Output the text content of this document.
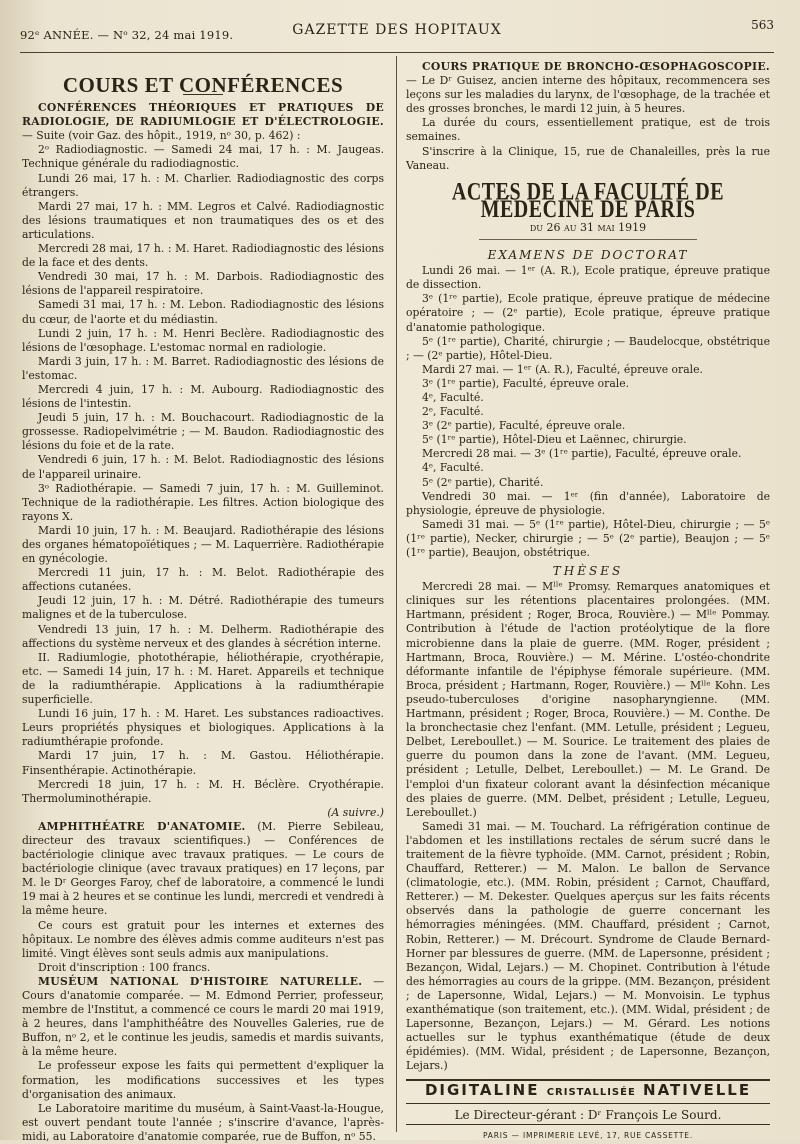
92ᵉ ANNÉE. — Nᵒ 32, 24 mai 1919.	GAZETTE DES HOPITAUX	563
COURS ET CONFÉRENCES

CONFÉRENCES THÉORIQUES ET PRATIQUES DE RADIOLOGIE, DE RADIUMLOGIE ET D'ÉLECTROLOGIE. — Suite (voir Gaz. des hôpit., 1919, nᵒ 30, p. 462) :

2ᵒ Radiodiagnostic. — Samedi 24 mai, 17 h. : M. Jaugeas. Technique générale du radiodiagnostic.

Lundi 26 mai, 17 h. : M. Charlier. Radiodiagnostic des corps étrangers.

Mardi 27 mai, 17 h. : MM. Legros et Calvé. Radiodiagnostic des lésions traumatiques et non traumatiques des os et des articulations.

Mercredi 28 mai, 17 h. : M. Haret. Radiodiagnostic des lésions de la face et des dents.

Vendredi 30 mai, 17 h. : M. Darbois. Radiodiagnostic des lésions de l'appareil respiratoire.

Samedi 31 mai, 17 h. : M. Lebon. Radiodiagnostic des lésions du cœur, de l'aorte et du médiastin.

Lundi 2 juin, 17 h. : M. Henri Beclère. Radiodiagnostic des lésions de l'œsophage. L'estomac normal en radiologie.

Mardi 3 juin, 17 h. : M. Barret. Radiodiagnostic des lésions de l'estomac.

Mercredi 4 juin, 17 h. : M. Aubourg. Radiodiagnostic des lésions de l'intestin.

Jeudi 5 juin, 17 h. : M. Bouchacourt. Radiodiagnostic de la grossesse. Radiopelvimétrie ; — M. Baudon. Radiodiagnostic des lésions du foie et de la rate.

Vendredi 6 juin, 17 h. : M. Belot. Radiodiagnostic des lésions de l'appareil urinaire.

3ᵒ Radiothérapie. — Samedi 7 juin, 17 h. : M. Guilleminot. Technique de la radiothérapie. Les filtres. Action biologique des rayons X.

Mardi 10 juin, 17 h. : M. Beaujard. Radiothérapie des lésions des organes hématopoïétiques ; — M. Laquerrière. Radiothérapie en gynécologie.

Mercredi 11 juin, 17 h. : M. Belot. Radiothérapie des affections cutanées.

Jeudi 12 juin, 17 h. : M. Détré. Radiothérapie des tumeurs malignes et de la tuberculose.

Vendredi 13 juin, 17 h. : M. Delherm. Radiothérapie des affections du système nerveux et des glandes à sécrétion interne.

II. Radiumlogie, photothérapie, héliothérapie, cryothérapie, etc. — Samedi 14 juin, 17 h. : M. Haret. Appareils et technique de la radiumthérapie. Applications à la radiumthérapie superficielle.

Lundi 16 juin, 17 h. : M. Haret. Les substances radioactives. Leurs propriétés physiques et biologiques. Applications à la radiumthérapie profonde.

Mardi 17 juin, 17 h. : M. Gastou. Héliothérapie. Finsenthérapie. Actinothérapie.

Mercredi 18 juin, 17 h. : M. H. Béclère. Cryothérapie. Thermoluminothérapie.

(A suivre.)

AMPHITHÉATRE D'ANATOMIE. (M. Pierre Sebileau, directeur des travaux scientifiques.) — Conférences de bactériologie clinique avec travaux pratiques. — Le cours de bactériologie clinique (avec travaux pratiques) en 17 leçons, par M. le Dʳ Georges Faroy, chef de laboratoire, a commencé le lundi 19 mai à 2 heures et se continue les lundi, mercredi et vendredi à la même heure.

Ce cours est gratuit pour les internes et externes des hôpitaux. Le nombre des élèves admis comme auditeurs n'est pas limité. Vingt élèves sont seuls admis aux manipulations.

Droit d'inscription : 100 francs.

MUSÉUM NATIONAL D'HISTOIRE NATURELLE. — Cours d'anatomie comparée. — M. Edmond Perrier, professeur, membre de l'Institut, a commencé ce cours le mardi 20 mai 1919, à 2 heures, dans l'amphithéâtre des Nouvelles Galeries, rue de Buffon, nᵒ 2, et le continue les jeudis, samedis et mardis suivants, à la même heure.

Le professeur expose les faits qui permettent d'expliquer la formation, les modifications successives et les types d'organisation des animaux.

Le Laboratoire maritime du muséum, à Saint-Vaast-la-Hougue, est ouvert pendant toute l'année ; s'inscrire d'avance, l'après-midi, au Laboratoire d'anatomie comparée, rue de Buffon, nᵒ 55.

COURS PRATIQUE DE BRONCHO-ŒSOPHAGOSCOPIE. — Le Dʳ Guisez, ancien interne des hôpitaux, recommencera ses leçons sur les maladies du larynx, de l'œsophage, de la trachée et des grosses bronches, le mardi 12 juin, à 5 heures.

La durée du cours, essentiellement pratique, est de trois semaines.

S'inscrire à la Clinique, 15, rue de Chanaleilles, près la rue Vaneau.

ACTES DE LA FACULTÉ DE MÉDECINE DE PARIS
du 26 au 31 mai 1919
EXAMENS DE DOCTORAT

Lundi 26 mai. — 1ᵉʳ (A. R.), Ecole pratique, épreuve pratique de dissection.

3ᵉ (1ʳᵉ partie), Ecole pratique, épreuve pratique de médecine opératoire ; — (2ᵉ partie), Ecole pratique, épreuve pratique d'anatomie pathologique.

5ᵉ (1ʳᵉ partie), Charité, chirurgie ; — Baudelocque, obstétrique ; — (2ᵉ partie), Hôtel-Dieu.

Mardi 27 mai. — 1ᵉʳ (A. R.), Faculté, épreuve orale.

3ᵉ (1ʳᵉ partie), Faculté, épreuve orale.

4ᵉ, Faculté.

2ᵉ, Faculté.

3ᵉ (2ᵉ partie), Faculté, épreuve orale.

5ᵉ (1ʳᵉ partie), Hôtel-Dieu et Laënnec, chirurgie.

Mercredi 28 mai. — 3ᵉ (1ʳᵉ partie), Faculté, épreuve orale.

4ᵉ, Faculté.

5ᵉ (2ᵉ partie), Charité.

Vendredi 30 mai. — 1ᵉʳ (fin d'année), Laboratoire de physiologie, épreuve de physiologie.

Samedi 31 mai. — 5ᵉ (1ʳᵉ partie), Hôtel-Dieu, chirurgie ; — 5ᵉ (1ʳᵉ partie), Necker, chirurgie ; — 5ᵉ (2ᵉ partie), Beaujon ; — 5ᵉ (1ʳᵉ partie), Beaujon, obstétrique.

THÈSES

Mercredi 28 mai. — Mˡˡᵉ Promsy. Remarques anatomiques et cliniques sur les rétentions placentaires prolongées. (MM. Hartmann, président ; Roger, Broca, Rouvière.) — Mˡˡᵉ Pommay. Contribution à l'étude de l'action protéolytique de la flore microbienne dans la plaie de guerre. (MM. Roger, président ; Hartmann, Broca, Rouvière.) — M. Mérine. L'ostéo-chondrite déformante infantile de l'épiphyse fémorale supérieure. (MM. Broca, président ; Hartmann, Roger, Rouvière.) — Mˡˡᵉ Kohn. Les pseudo-tuberculoses d'origine nasopharyngienne. (MM. Hartmann, président ; Roger, Broca, Rouvière.) — M. Conthe. De la bronchectasie chez l'enfant. (MM. Letulle, président ; Legueu, Delbet, Lereboullet.) — M. Sourice. Le traitement des plaies de guerre du poumon dans la zone de l'avant. (MM. Legueu, président ; Letulle, Delbet, Lereboullet.) — M. Le Grand. De l'emploi d'un fixateur colorant avant la désinfection mécanique des plaies de guerre. (MM. Delbet, président ; Letulle, Legueu, Lereboullet.)

Samedi 31 mai. — M. Touchard. La réfrigération continue de l'abdomen et les instillations rectales de sérum sucré dans le traitement de la fièvre typhoïde. (MM. Carnot, président ; Robin, Chauffard, Retterer.) — M. Malon. Le ballon de Servance (climatologie, etc.). (MM. Robin, président ; Carnot, Chauffard, Retterer.) — M. Dekester. Quelques aperçus sur les faits récents observés dans la pathologie de guerre concernant les hémorragies méningées. (MM. Chauffard, président ; Carnot, Robin, Retterer.) — M. Drécourt. Syndrome de Claude Bernard-Horner par blessures de guerre. (MM. de Lapersonne, président ; Bezançon, Widal, Lejars.) — M. Chopinet. Contribution à l'étude des hémorragies au cours de la grippe. (MM. Bezançon, président ; de Lapersonne, Widal, Lejars.) — M. Monvoisin. Le typhus exanthématique (son traitement, etc.). (MM. Widal, président ; de Lapersonne, Bezançon, Lejars.) — M. Gérard. Les notions actuelles sur le typhus exanthématique (étude de deux épidémies). (MM. Widal, président ; de Lapersonne, Bezançon, Lejars.)

DIGITALINE CRISTALLISÉE NATIVELLE
Le Directeur-gérant : Dʳ François Le Sourd.
PARIS — IMPRIMERIE LEVÉ, 17, RUE CASSETTE.
